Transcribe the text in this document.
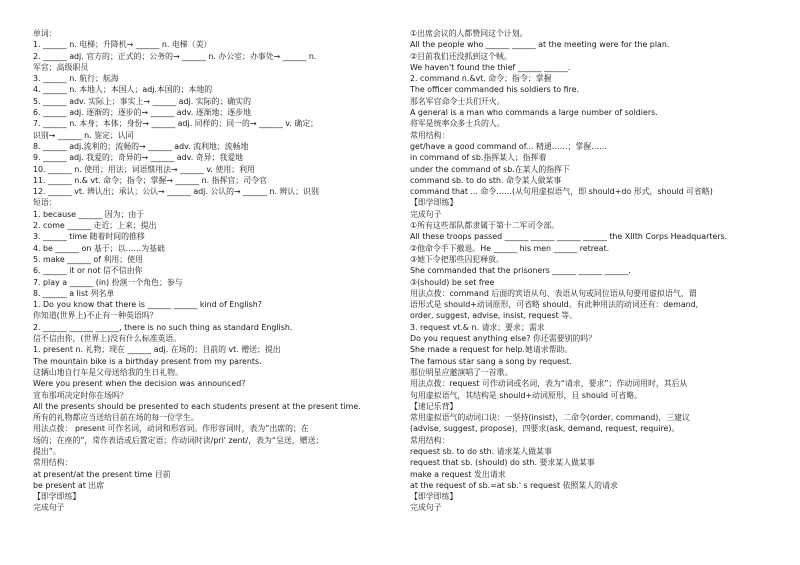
单词：
1. ______ n. 电梯；升降机→ ______ n. 电梯（美）
2. ______ adj. 官方的；正式的；公务的→ ______ n. 办公室；办事处→ ______ n.
军官；高级职员
3. ______ n. 航行；航海
4. ______ n. 本地人；本国人；adj.本国的；本地的
5. ______ adv. 实际上；事实上→ ______ adj. 实际的；确实的
6. ______ adj. 逐渐的；逐步的→ ______ adv. 逐渐地；逐步地
7. ______ n. 本身；本体；身份→ ______ adj. 同样的；同一的→ ______ v. 确定；
识别→ ______ n. 鉴定；认同
8. ______ adj.流利的；流畅的→ ______ adv. 流利地；流畅地
9. ______ adj. 我爱的；奇异的→ ______ adv. 奇异；我爱地
10. ______ n. 使用；用法；词语惯用法→ ______ v. 使用；利用
11. ______ n.& vt. 命令；指令；掌握→ ______ n. 指挥官；司令官
12. ______ vt. 辨认出；承认；公认→ ______ adj. 公认的→ ______ n. 辨认；识别
短语：
1. because ______ 因为；由于
2. come ______ 走近；上来；提出
3. ______ time 随着时间的推移
4. be ______ on 基于；以……为基础
5. make ______ of 利用；使用
6. ______ it or not 信不信由你
7. play a ______ (in) 扮演一个角色；参与
8. ______ a list 列名单
1. Do you know that there is ______ ______ kind of English?
你知道(世界上)不止有一种英语吗？
2. ______ ______ ______, there is no such thing as standard English.
信不信由你，(世界上)没有什么标准英语。
1. present n. 礼物；现在 ______ adj. 在场的；目前的 vt. 赠送；提出
The mountain bike is a birthday present from my parents.
这辆山地自行车是父母送给我的生日礼物。
Were you present when the decision was announced?
宣布那项决定时你在场吗？
All the presents should be presented to each students present at the present time.
所有的礼物都应当送给目前在场的每一位学生。
用法点拨： present 可作名词，动词和形容词。作形容词时，表为“出席的；在
场的；在座的”，常作表语或后置定语；作动词时读/pri' zent/，表为“呈送，赠送；
提出”。
常用结构：
at present/at the present time 目前
be present at 出席
【即学即练】
完成句子
①出席会议的人都赞同这个计划。
All the people who ______ ______ at the meeting were for the plan.
②目前我们还没抓到这个贼。
We haven't found the thief ______ ______.
2. command n.&vt. 命令；指令；掌握
The officer commanded his soldiers to fire.
那名军官命令士兵们开火。
A general is a man who commands a large number of soldiers.
将军是统率众多士兵的人。
常用结构：
get/have a good command of... 精通……；掌握……
in command of sb.指挥某人；指挥着
under the command of sb.在某人的指挥下
command sb. to do sth. 命令某人做某事
command that ... 命令……(从句用虚拟语气，即 should+do 形式，should 可省略)
【即学即练】
完成句子
①所有这些部队都隶属于第十二军司令部。
All these troops passed ______ ______ ______ ______ the XIIth Corps Headquarters.
②他命令手下撤退。He ______ his men ______ retreat.
③她下令把那些囚犯释放。
She commanded that the prisoners ______ ______ ______.
③(should) be set free
用法点拨：command 后面的宾语从句、表语从句或同位语从句要用虚拟语气，谓
语形式是 should+动词原形，可省略 should。有此种用法的动词还有：demand,
order, suggest, advise, insist, request 等。
3. request vt.& n. 请求；要求；需求
Do you request anything else? 你还需要别的吗？
She made a request for help.她请求帮助。
The famous star sang a song by request.
那位明星应邀演唱了一首歌。
用法点拨：request 可作动词或名词，表为“请求，要求”；作动词用时，其后从
句用虚拟语气，其结构是 should+动词原形，且 should 可省略。
【速记乐背】
常用虚拟语气的动词口诀：一坚持(insist)，二命令(order, command)，三建议
(advise, suggest, propose)，四要求(ask, demand, request, require)。
常用结构：
request sb. to do sth. 请求某人做某事
request that sb. (should) do sth. 要求某人做某事
make a request 发出请求
at the request of sb.=at sb.' s request 依照某人的请求
【即学即练】
完成句子
